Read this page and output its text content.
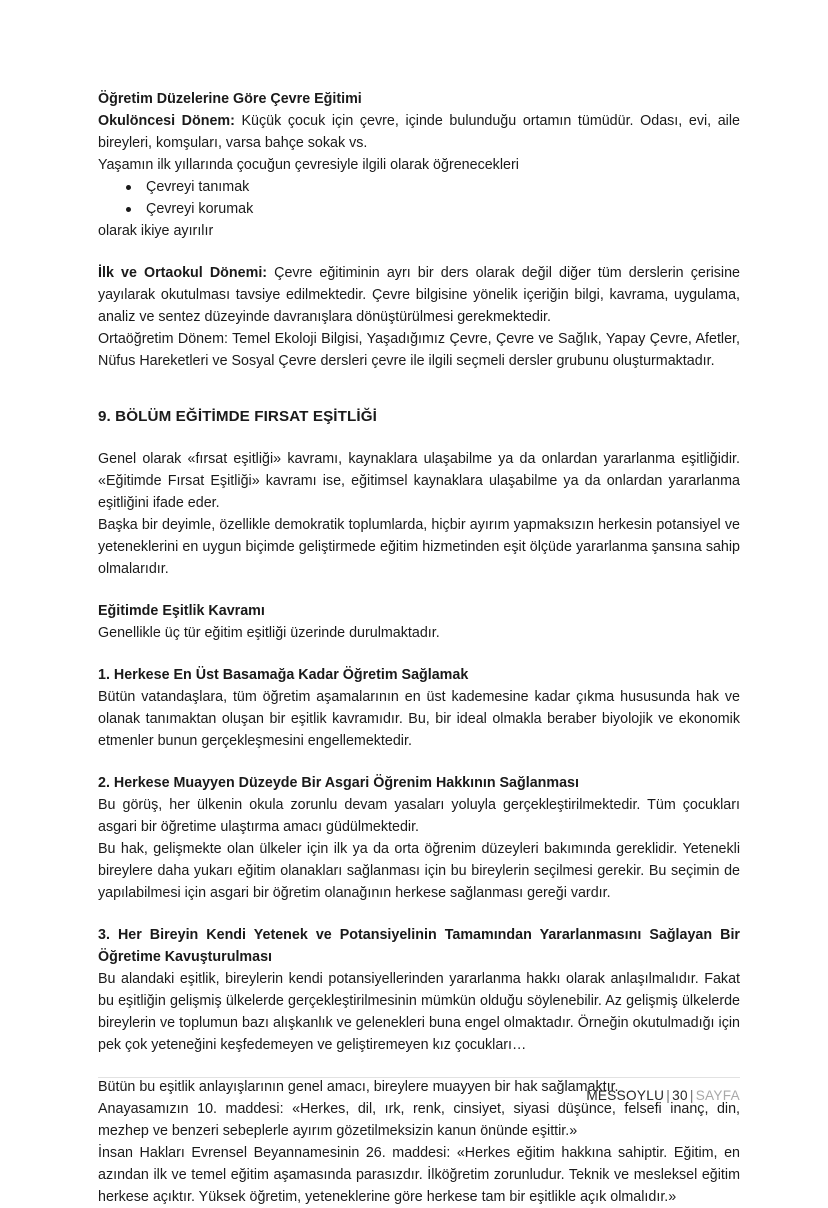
Öğretim Düzelerine Göre Çevre Eğitimi

Okulöncesi Dönem: Küçük çocuk için çevre, içinde bulunduğu ortamın tümüdür. Odası, evi, aile bireyleri, komşuları, varsa bahçe sokak vs.

Yaşamın ilk yıllarında çocuğun çevresiyle ilgili olarak öğrenecekleri

Çevreyi tanımak
Çevreyi korumak

olarak ikiye ayırılır

İlk ve Ortaokul Dönemi: Çevre eğitiminin ayrı bir ders olarak değil diğer tüm derslerin çerisine yayılarak okutulması tavsiye edilmektedir. Çevre bilgisine yönelik içeriğin bilgi, kavrama, uygulama, analiz ve sentez düzeyinde davranışlara dönüştürülmesi gerekmektedir.

Ortaöğretim Dönem: Temel Ekoloji Bilgisi, Yaşadığımız Çevre, Çevre ve Sağlık, Yapay Çevre, Afetler, Nüfus Hareketleri ve Sosyal Çevre dersleri çevre ile ilgili seçmeli dersler grubunu oluşturmaktadır.

9. BÖLÜM EĞİTİMDE FIRSAT EŞİTLİĞİ

Genel olarak «fırsat eşitliği» kavramı, kaynaklara ulaşabilme ya da onlardan yararlanma eşitliğidir. «Eğitimde Fırsat Eşitliği» kavramı ise, eğitimsel kaynaklara ulaşabilme ya da onlardan yararlanma eşitliğini ifade eder.

Başka bir deyimle, özellikle demokratik toplumlarda, hiçbir ayırım yapmaksızın herkesin potansiyel ve yeteneklerini en uygun biçimde geliştirmede eğitim hizmetinden eşit ölçüde yararlanma şansına sahip olmalarıdır.

Eğitimde Eşitlik Kavramı

Genellikle üç tür eğitim eşitliği üzerinde durulmaktadır.

1. Herkese En Üst Basamağa Kadar Öğretim Sağlamak

Bütün vatandaşlara, tüm öğretim aşamalarının en üst kademesine kadar çıkma hususunda hak ve olanak tanımaktan oluşan bir eşitlik kavramıdır. Bu, bir ideal olmakla beraber biyolojik ve ekonomik etmenler bunun gerçekleşmesini engellemektedir.

2. Herkese Muayyen Düzeyde Bir Asgari Öğrenim Hakkının Sağlanması

Bu görüş, her ülkenin okula zorunlu devam yasaları yoluyla gerçekleştirilmektedir. Tüm çocukları asgari bir öğretime ulaştırma amacı güdülmektedir.

Bu hak, gelişmekte olan ülkeler için ilk ya da orta öğrenim düzeyleri bakımında gereklidir. Yetenekli bireylere daha yukarı eğitim olanakları sağlanması için bu bireylerin seçilmesi gerekir. Bu seçimin de yapılabilmesi için asgari bir öğretim olanağının herkese sağlanması gereği vardır.

3. Her Bireyin Kendi Yetenek ve Potansiyelinin Tamamından Yararlanmasını Sağlayan Bir Öğretime Kavuşturulması

Bu alandaki eşitlik, bireylerin kendi potansiyellerinden yararlanma hakkı olarak anlaşılmalıdır. Fakat bu eşitliğin gelişmiş ülkelerde gerçekleştirilmesinin mümkün olduğu söylenebilir. Az gelişmiş ülkelerde bireylerin ve toplumun bazı alışkanlık ve gelenekleri buna engel olmaktadır. Örneğin okutulmadığı için pek çok yeteneğini keşfedemeyen ve geliştiremeyen kız çocukları…

Bütün bu eşitlik anlayışlarının genel amacı, bireylere muayyen bir hak sağlamaktır.

Anayasamızın 10. maddesi: «Herkes, dil, ırk, renk, cinsiyet, siyasi düşünce, felsefi inanç, din, mezhep ve benzeri sebeplerle ayırım gözetilmeksizin kanun önünde eşittir.»

İnsan Hakları Evrensel Beyannamesinin 26. maddesi: «Herkes eğitim hakkına sahiptir. Eğitim, en azından ilk ve temel eğitim aşamasında parasızdır. İlköğretim zorunludur. Teknik ve mesleksel eğitim herkese açıktır. Yüksek öğretim, yeteneklerine göre herkese tam bir eşitlikle açık olmalıdır.»

MESSOYLU | 30 | SAYFA
